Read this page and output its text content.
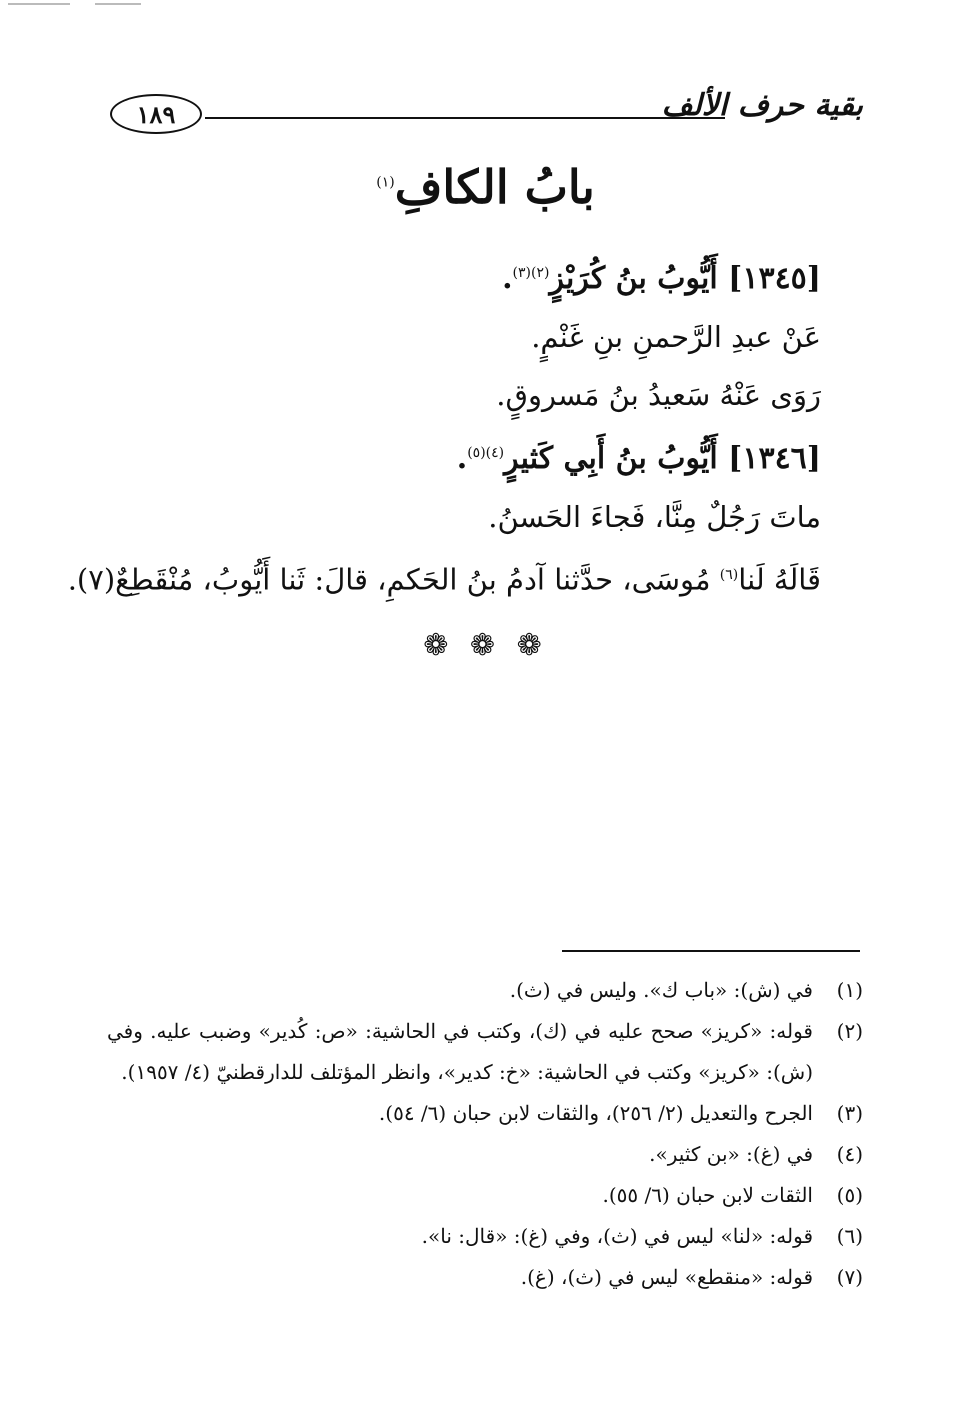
١٨٩	بقية حرف الألف
بابُ الكافِ$^{(١)}$
[١٣٤٥] أَيُّوبُ بنُ كُرَيْزٍ$^{(٢)(٣)}$.
عَنْ عبدِ الرَّحمنِ بنِ غَنْمٍ.
رَوَى عَنْهُ سَعيدُ بنُ مَسروقٍ.
[١٣٤٦] أَيُّوبُ بنُ أَبِي كَثيرٍ$^{(٤)(٥)}$.
ماتَ رَجُلٌ مِنَّا، فَجاءَ الحَسنُ.
قَالَهُ لَنا$^{(٦)}$ مُوسَى، حدَّثنا آدمُ بنُ الحَكمِ، قالَ: ثَنا أَيُّوبُ، مُنْقَطِعٌ(٧).
❁ ❁ ❁
(١)
في (ش): «باب ك». وليس في (ث).
(٢)
قوله: «كريز» صحح عليه في (ك)، وكتب في الحاشية: «ص: كُدير» وضبب عليه. وفي (ش): «كريز» وكتب في الحاشية: «خ: كدير»، وانظر المؤتلف للدارقطنيّ (٤/ ١٩٥٧).
(٣)
الجرح والتعديل (٢/ ٢٥٦)، والثقات لابن حبان (٦/ ٥٤).
(٤)
في (غ): «بن كثير».
(٥)
الثقات لابن حبان (٦/ ٥٥).
(٦)
قوله: «لنا» ليس في (ث)، وفي (غ): «قال: نا».
(٧)
قوله: «منقطع» ليس في (ث)، (غ).
